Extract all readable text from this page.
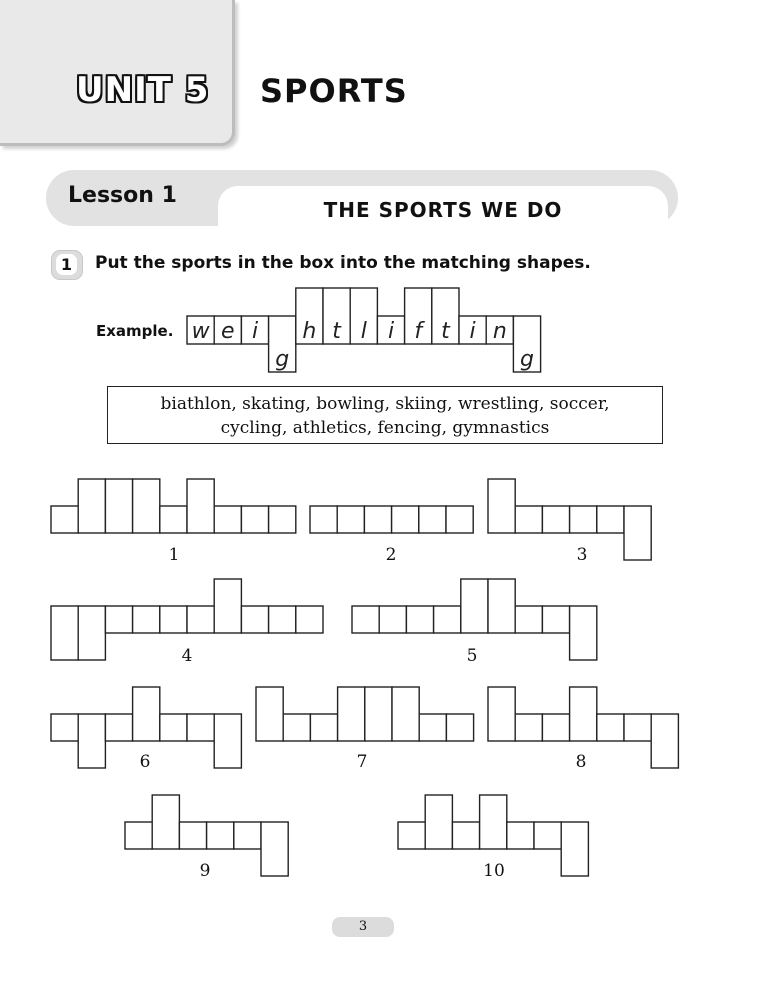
UNIT 5 SPORTS
Lesson 1
THE SPORTS WE DO
1 Put the sports in the box into the matching shapes.
Example.
biathlon, skating, bowling, skiing, wrestling, soccer,
cycling, athletics, fencing, gymnastics
w e i
g
h t l i f t i n
g
1	2	3
4	5
6	7	8
9	10
3
